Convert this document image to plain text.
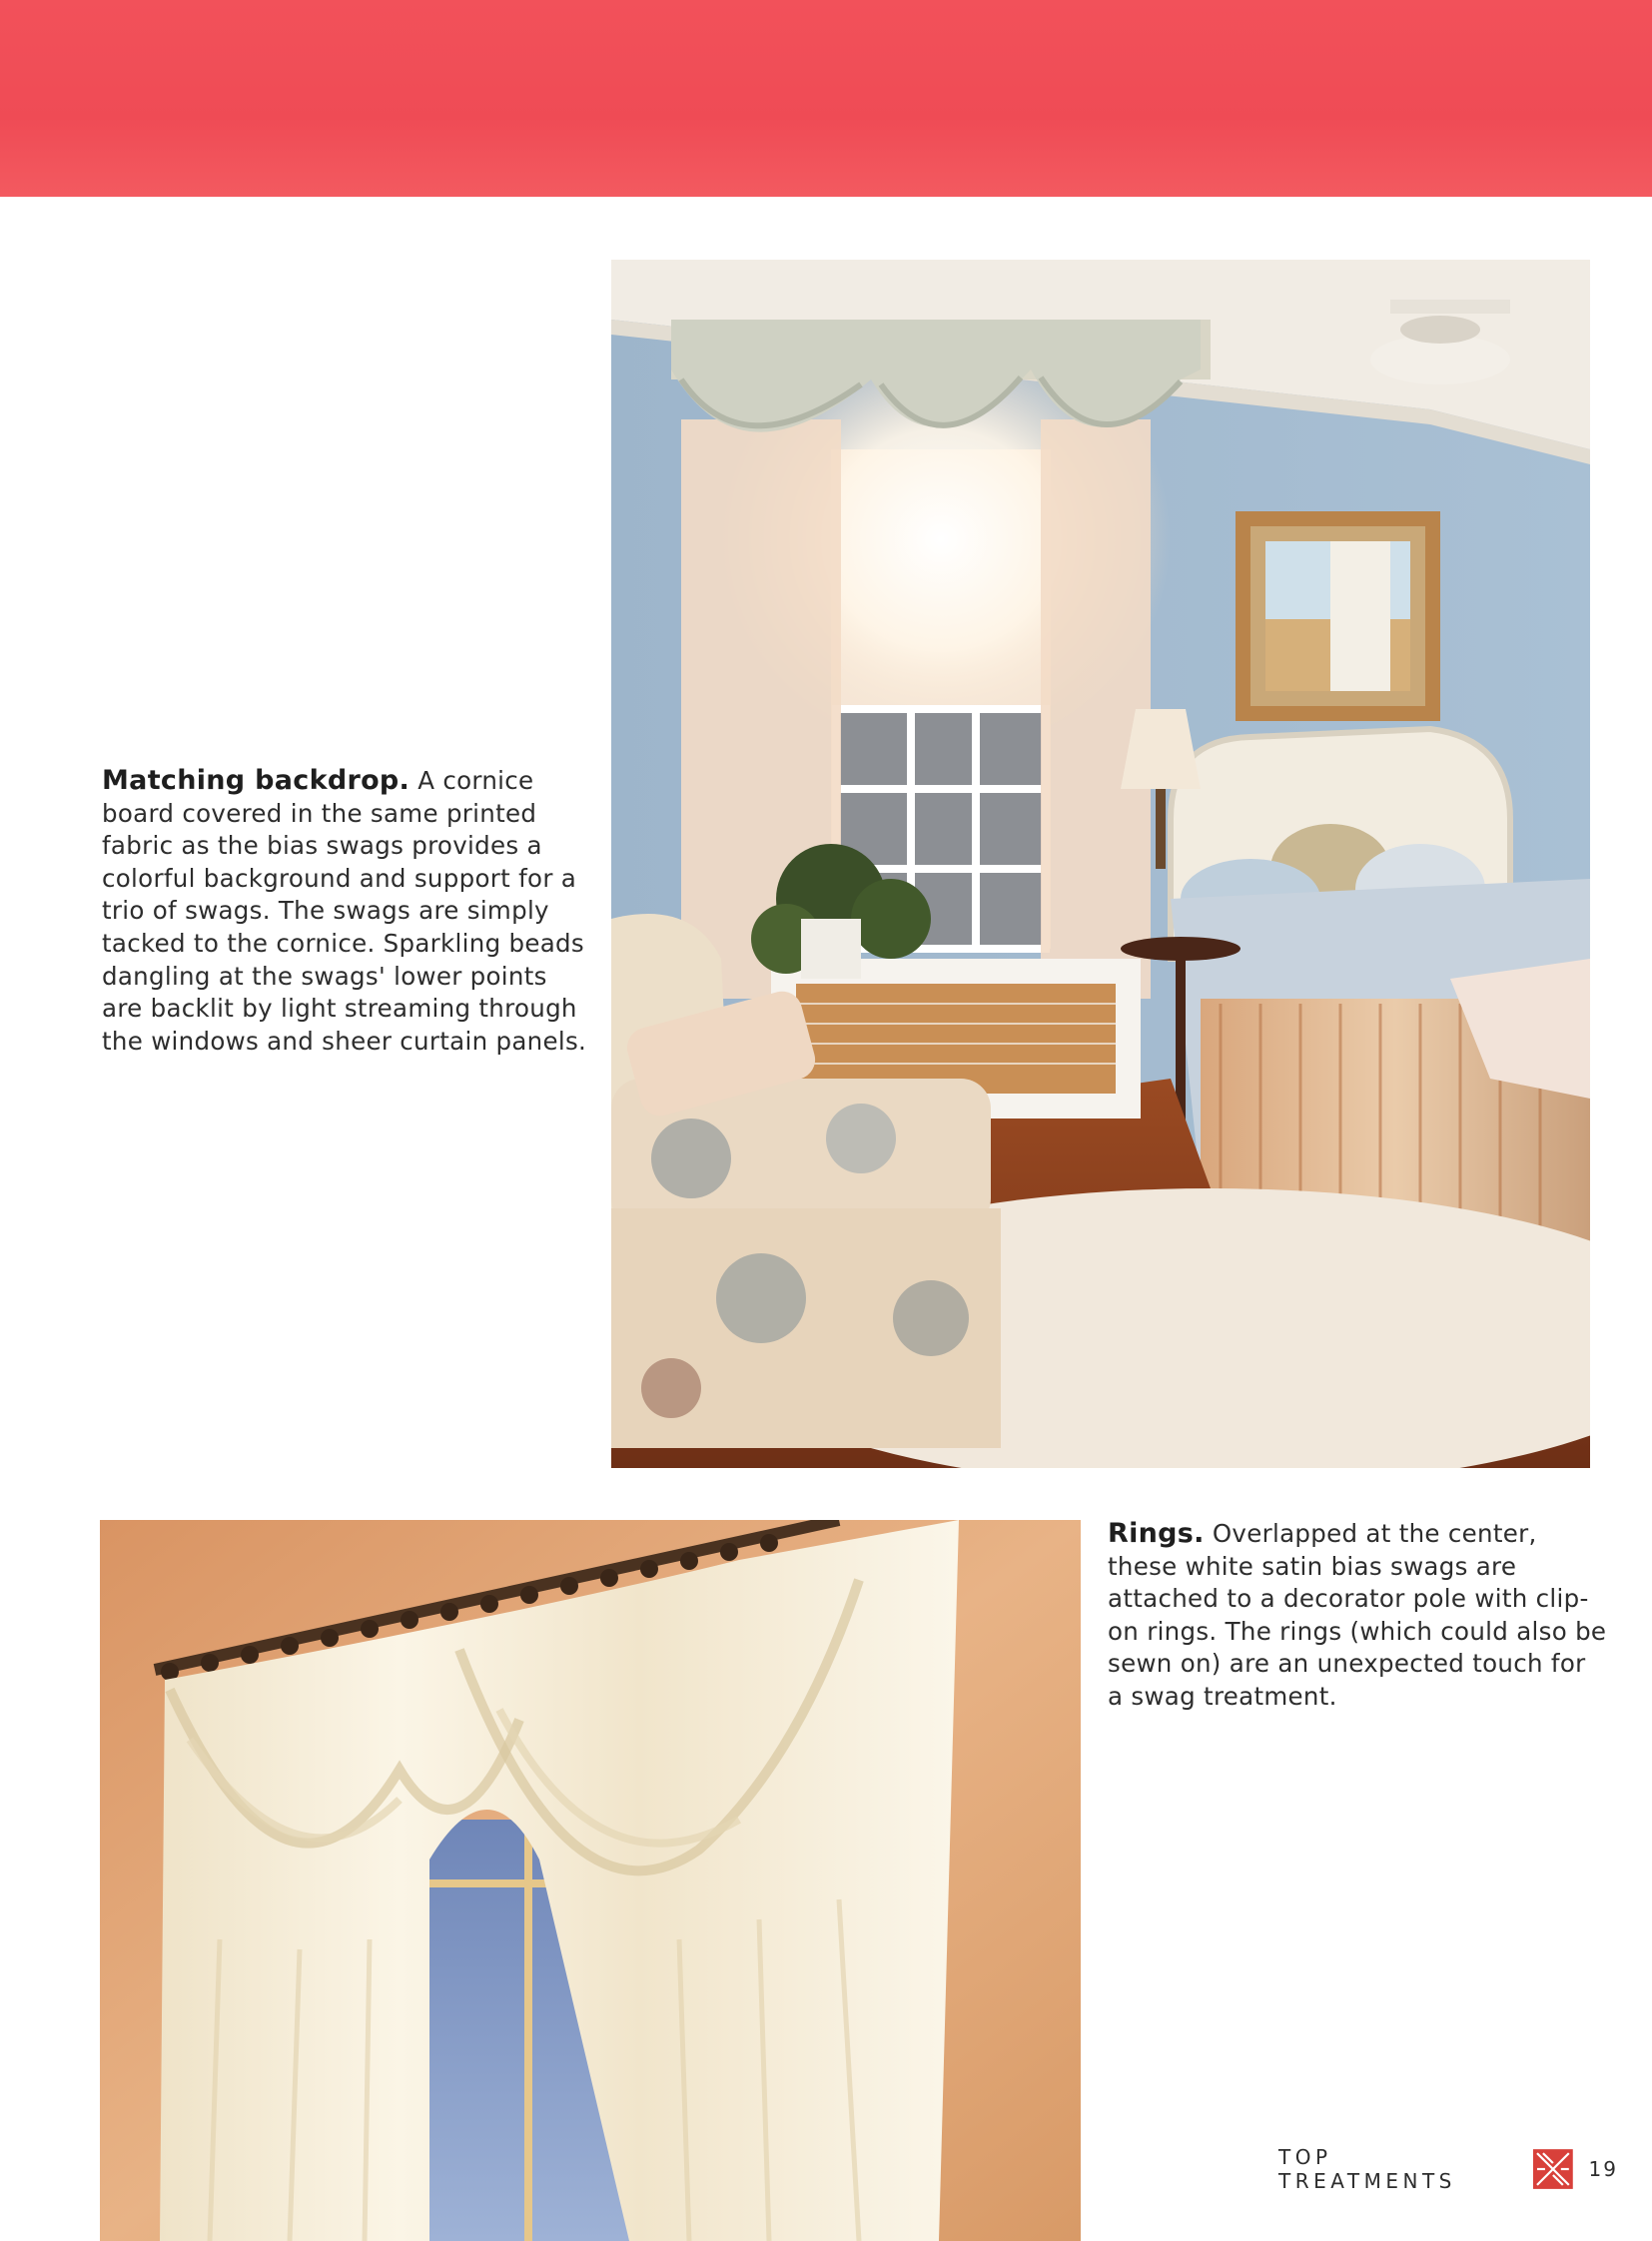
Matching backdrop. A cornice board covered in the same printed fabric as the bias swags provides a colorful background and support for a trio of swags. The swags are simply tacked to the cornice. Sparkling beads dangling at the swags' lower points are backlit by light streaming through the windows and sheer curtain panels.
Rings. Overlapped at the center, these white satin bias swags are attached to a decorator pole with clip-on rings. The rings (which could also be sewn on) are an unexpected touch for a swag treatment.
TOP TREATMENTS	19
